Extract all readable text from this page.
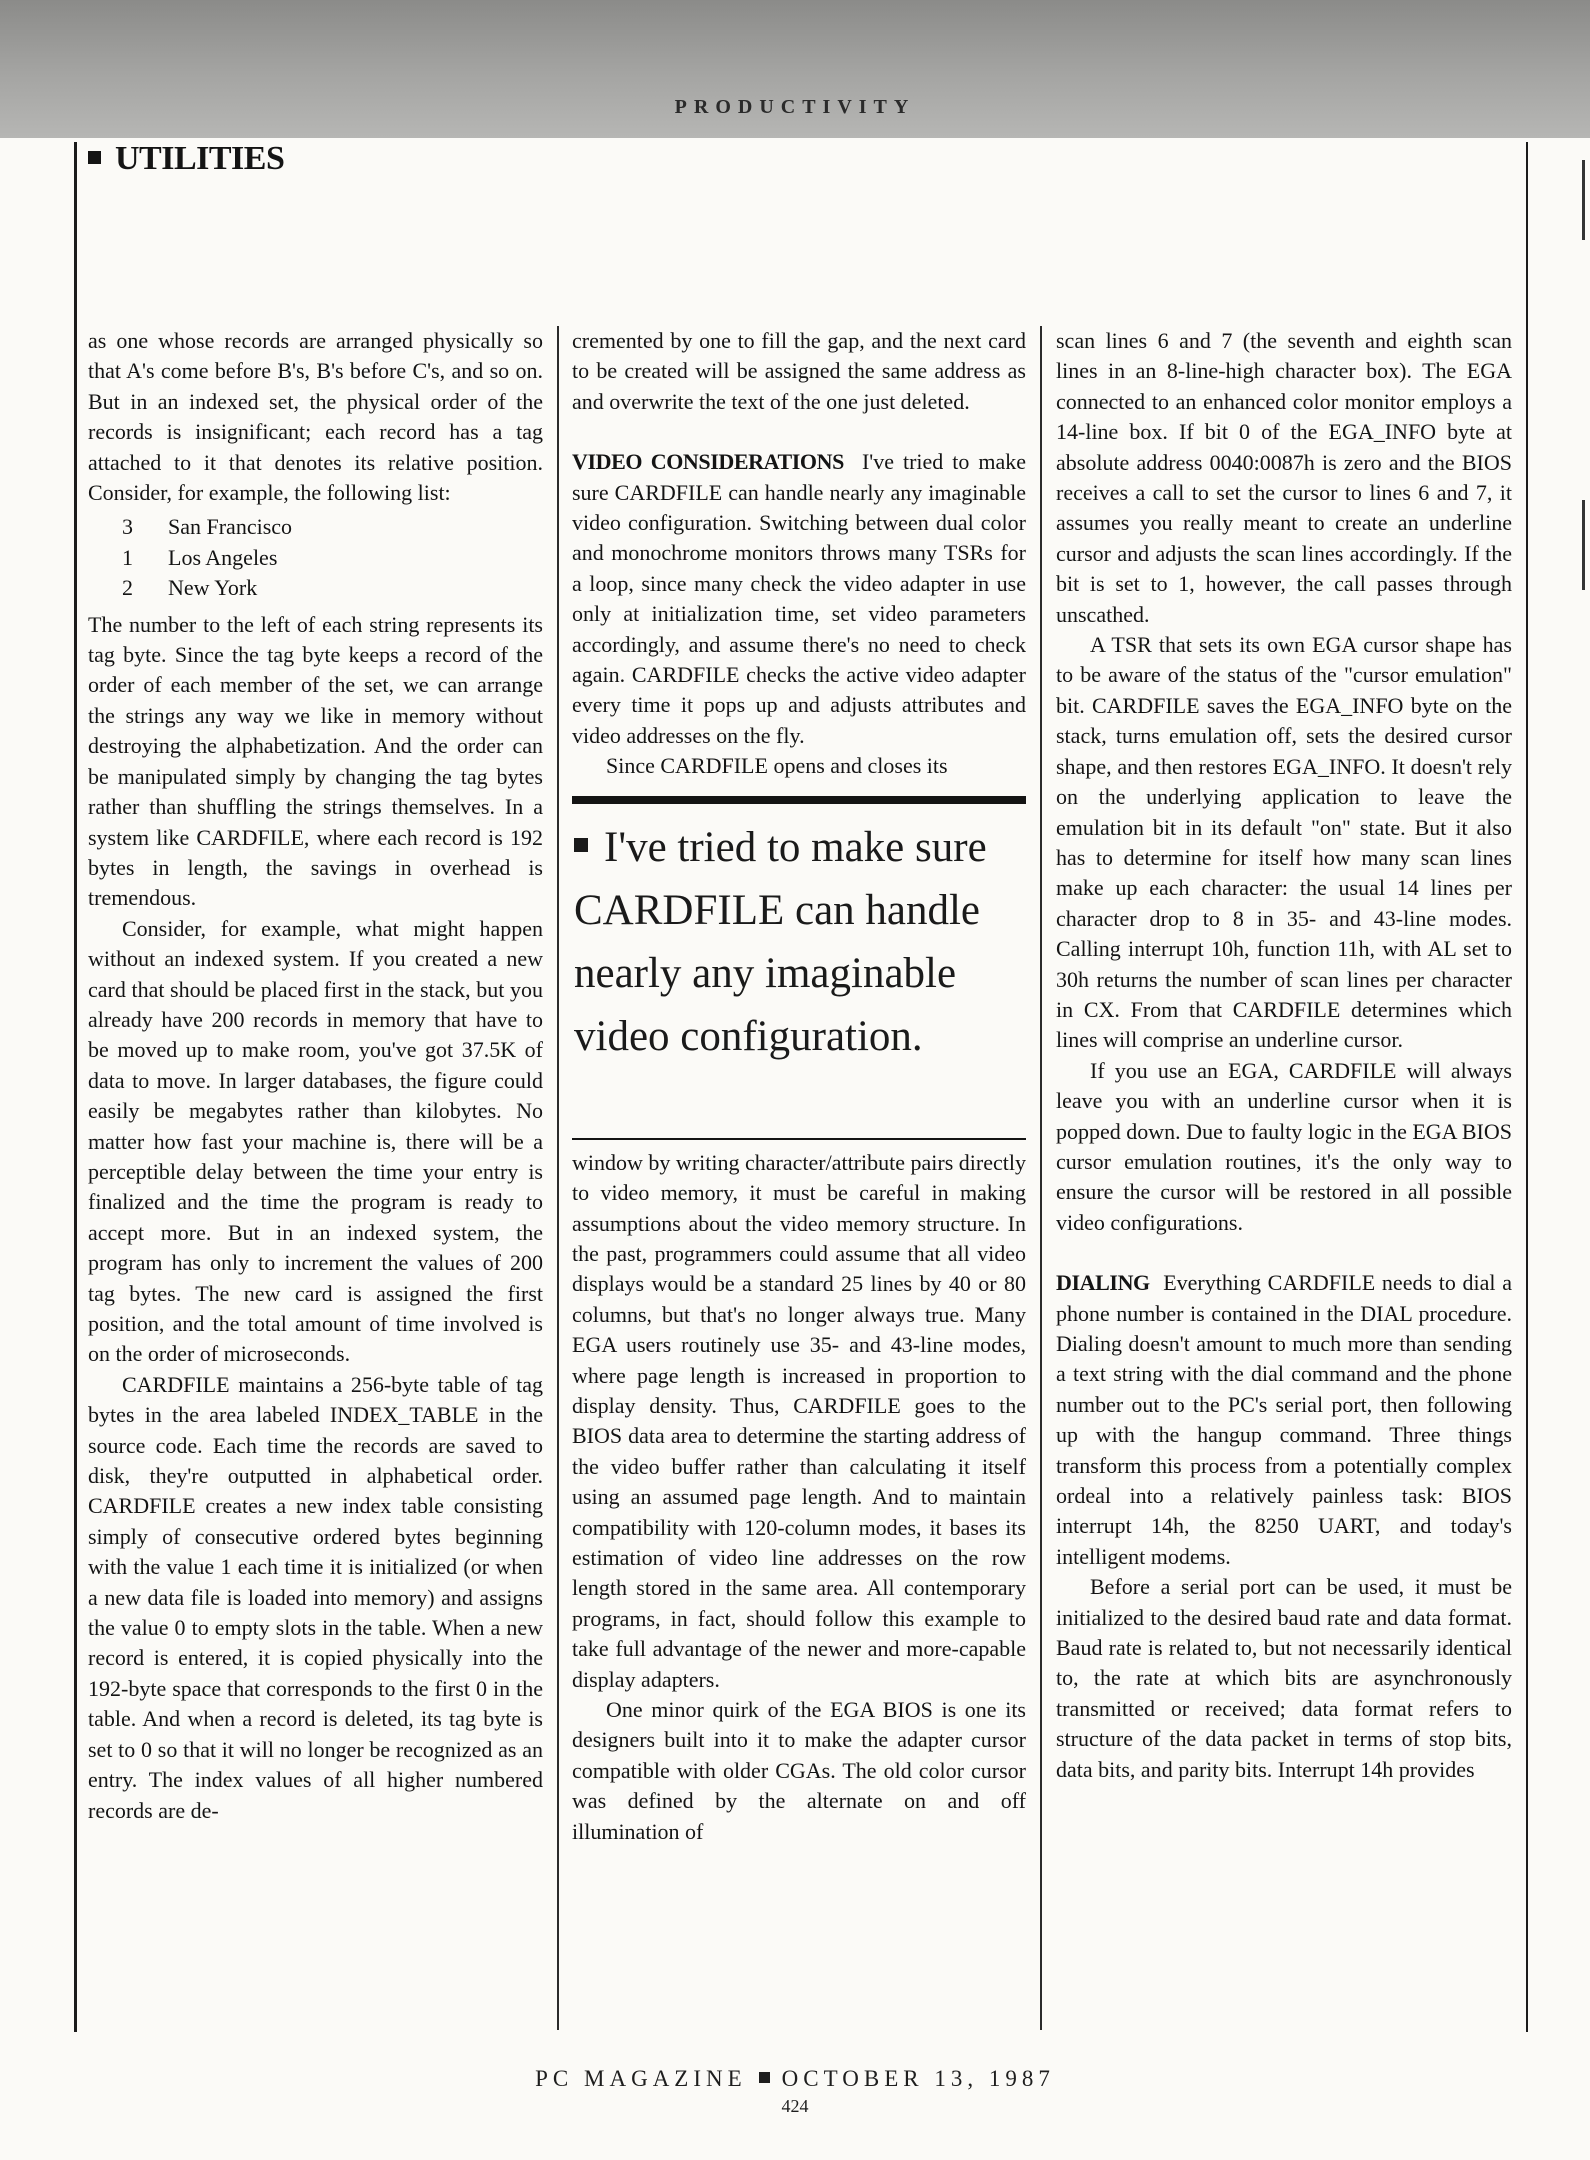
PRODUCTIVITY
UTILITIES

as one whose records are arranged physically so that A's come before B's, B's before C's, and so on. But in an indexed set, the physical order of the records is insignificant; each record has a tag attached to it that denotes its relative position. Consider, for example, the following list:

3	San Francisco
1	Los Angeles
2	New York

The number to the left of each string represents its tag byte. Since the tag byte keeps a record of the order of each member of the set, we can arrange the strings any way we like in memory without destroying the alphabetization. And the order can be manipulated simply by changing the tag bytes rather than shuffling the strings themselves. In a system like CARDFILE, where each record is 192 bytes in length, the savings in overhead is tremendous.

Consider, for example, what might happen without an indexed system. If you created a new card that should be placed first in the stack, but you already have 200 records in memory that have to be moved up to make room, you've got 37.5K of data to move. In larger databases, the figure could easily be megabytes rather than kilobytes. No matter how fast your machine is, there will be a perceptible delay between the time your entry is finalized and the time the program is ready to accept more. But in an indexed system, the program has only to increment the values of 200 tag bytes. The new card is assigned the first position, and the total amount of time involved is on the order of microseconds.

CARDFILE maintains a 256-byte table of tag bytes in the area labeled INDEX_TABLE in the source code. Each time the records are saved to disk, they're outputted in alphabetical order. CARDFILE creates a new index table consisting simply of consecutive ordered bytes beginning with the value 1 each time it is initialized (or when a new data file is loaded into memory) and assigns the value 0 to empty slots in the table. When a new record is entered, it is copied physically into the 192-byte space that corresponds to the first 0 in the table. And when a record is deleted, its tag byte is set to 0 so that it will no longer be recognized as an entry. The index values of all higher numbered records are de-

cremented by one to fill the gap, and the next card to be created will be assigned the same address as and overwrite the text of the one just deleted.

VIDEO CONSIDERATIONS I've tried to make sure CARDFILE can handle nearly any imaginable video configuration. Switching between dual color and monochrome monitors throws many TSRs for a loop, since many check the video adapter in use only at initialization time, set video parameters accordingly, and assume there's no need to check again. CARDFILE checks the active video adapter every time it pops up and adjusts attributes and video addresses on the fly.

Since CARDFILE opens and closes its

I've tried to make sure CARDFILE can handle nearly any imaginable video configuration.

window by writing character/attribute pairs directly to video memory, it must be careful in making assumptions about the video memory structure. In the past, programmers could assume that all video displays would be a standard 25 lines by 40 or 80 columns, but that's no longer always true. Many EGA users routinely use 35- and 43-line modes, where page length is increased in proportion to display density. Thus, CARDFILE goes to the BIOS data area to determine the starting address of the video buffer rather than calculating it itself using an assumed page length. And to maintain compatibility with 120-column modes, it bases its estimation of video line addresses on the row length stored in the same area. All contemporary programs, in fact, should follow this example to take full advantage of the newer and more-capable display adapters.

One minor quirk of the EGA BIOS is one its designers built into it to make the adapter cursor compatible with older CGAs. The old color cursor was defined by the alternate on and off illumination of

scan lines 6 and 7 (the seventh and eighth scan lines in an 8-line-high character box). The EGA connected to an enhanced color monitor employs a 14-line box. If bit 0 of the EGA_INFO byte at absolute address 0040:0087h is zero and the BIOS receives a call to set the cursor to lines 6 and 7, it assumes you really meant to create an underline cursor and adjusts the scan lines accordingly. If the bit is set to 1, however, the call passes through unscathed.

A TSR that sets its own EGA cursor shape has to be aware of the status of the "cursor emulation" bit. CARDFILE saves the EGA_INFO byte on the stack, turns emulation off, sets the desired cursor shape, and then restores EGA_INFO. It doesn't rely on the underlying application to leave the emulation bit in its default "on" state. But it also has to determine for itself how many scan lines make up each character: the usual 14 lines per character drop to 8 in 35- and 43-line modes. Calling interrupt 10h, function 11h, with AL set to 30h returns the number of scan lines per character in CX. From that CARDFILE determines which lines will comprise an underline cursor.

If you use an EGA, CARDFILE will always leave you with an underline cursor when it is popped down. Due to faulty logic in the EGA BIOS cursor emulation routines, it's the only way to ensure the cursor will be restored in all possible video configurations.

DIALING Everything CARDFILE needs to dial a phone number is contained in the DIAL procedure. Dialing doesn't amount to much more than sending a text string with the dial command and the phone number out to the PC's serial port, then following up with the hangup command. Three things transform this process from a potentially complex ordeal into a relatively painless task: BIOS interrupt 14h, the 8250 UART, and today's intelligent modems.

Before a serial port can be used, it must be initialized to the desired baud rate and data format. Baud rate is related to, but not necessarily identical to, the rate at which bits are asynchronously transmitted or received; data format refers to structure of the data packet in terms of stop bits, data bits, and parity bits. Interrupt 14h provides

PC MAGAZINE OCTOBER 13, 1987
424
